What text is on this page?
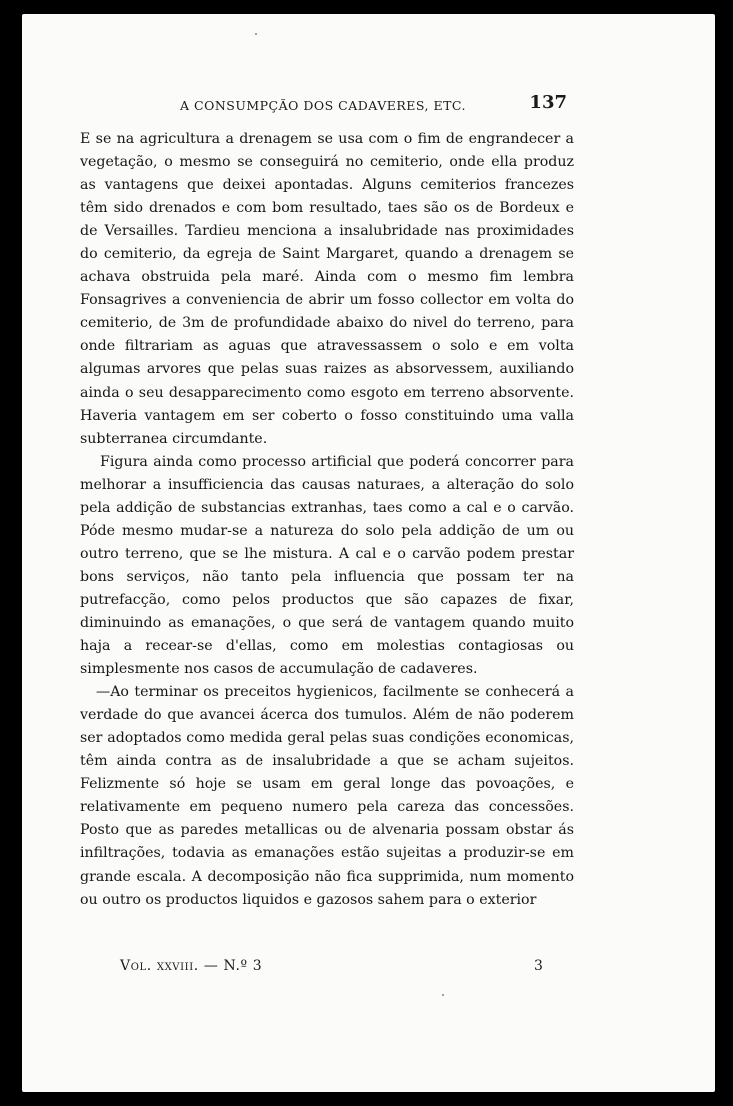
A CONSUMPÇÃO DOS CADAVERES, ETC.	137

E se na agricultura a drenagem se usa com o fim de engrandecer a vegetação, o mesmo se conseguirá no cemiterio, onde ella produz as vantagens que deixei apontadas. Alguns cemiterios francezes têm sido drenados e com bom resultado, taes são os de Bordeux e de Versailles. Tardieu menciona a insalubridade nas proximidades do cemiterio, da egreja de Saint Margaret, quando a drenagem se achava obstruida pela maré. Ainda com o mesmo fim lembra Fonsagrives a conveniencia de abrir um fosso collector em volta do cemiterio, de 3m de profundidade abaixo do nivel do terreno, para onde filtrariam as aguas que atravessassem o solo e em volta algumas arvores que pelas suas raizes as absorvessem, auxiliando ainda o seu desapparecimento como esgoto em terreno absorvente. Haveria vantagem em ser coberto o fosso constituindo uma valla subterranea circumdante.

Figura ainda como processo artificial que poderá concorrer para melhorar a insufficiencia das causas naturaes, a alteração do solo pela addição de substancias extranhas, taes como a cal e o carvão. Póde mesmo mudar-se a natureza do solo pela addição de um ou outro terreno, que se lhe mistura. A cal e o carvão podem prestar bons serviços, não tanto pela influencia que possam ter na putrefacção, como pelos productos que são capazes de fixar, diminuindo as emanações, o que será de vantagem quando muito haja a recear-se d'ellas, como em molestias contagiosas ou simplesmente nos casos de accumulação de cadaveres.

—Ao terminar os preceitos hygienicos, facilmente se conhecerá a verdade do que avancei ácerca dos tumulos. Além de não poderem ser adoptados como medida geral pelas suas condições economicas, têm ainda contra as de insalubridade a que se acham sujeitos. Felizmente só hoje se usam em geral longe das povoações, e relativamente em pequeno numero pela careza das concessões. Posto que as paredes metallicas ou de alvenaria possam obstar ás infiltrações, todavia as emanações estão sujeitas a produzir-se em grande escala. A decomposição não fica supprimida, num momento ou outro os productos liquidos e gazosos sahem para o exterior

Vol. xxviii. — N.º 3	3
